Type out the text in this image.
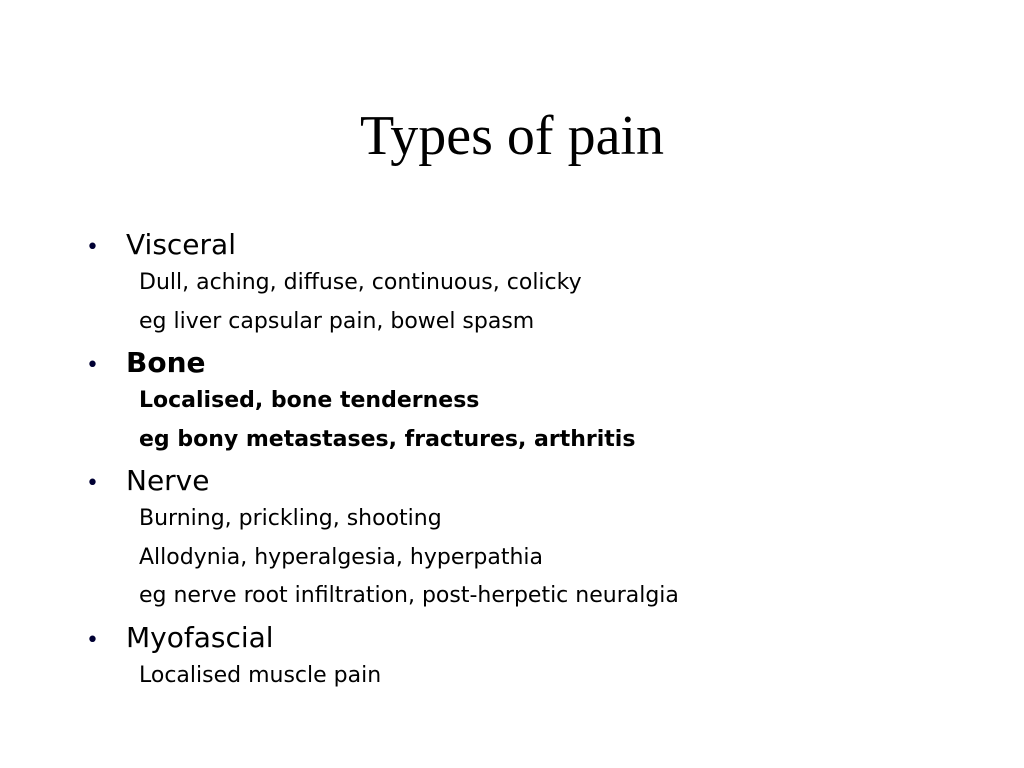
Types of pain
• Visceral
Dull, aching, diffuse, continuous, colicky
eg liver capsular pain, bowel spasm
• Bone
Localised, bone tenderness
eg bony metastases, fractures, arthritis
• Nerve
Burning, prickling, shooting
Allodynia, hyperalgesia, hyperpathia
eg nerve root infiltration, post-herpetic neuralgia
• Myofascial
Localised muscle pain
